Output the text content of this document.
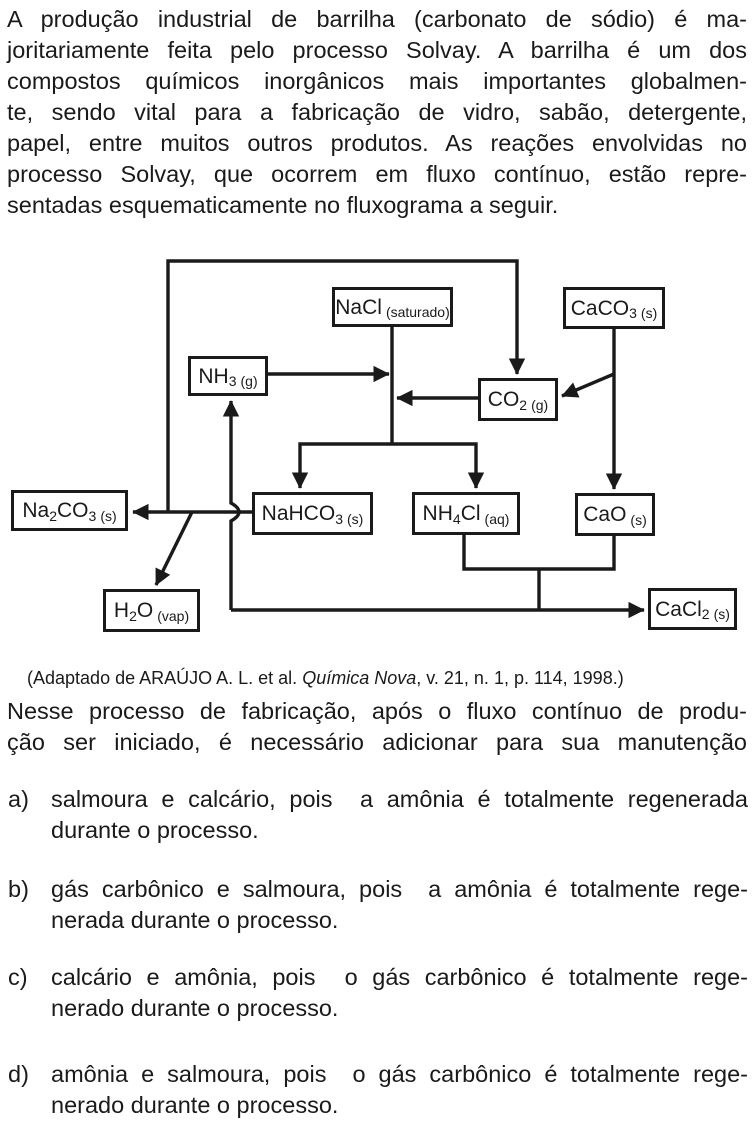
A produção industrial de barrilha (carbonato de sódio) é ma-
joritariamente feita pelo processo Solvay. A barrilha é um dos
compostos químicos inorgânicos mais importantes globalmen-
te, sendo vital para a fabricação de vidro, sabão, detergente,
papel, entre muitos outros produtos. As reações envolvidas no
processo Solvay, que ocorrem em fluxo contínuo, estão repre-
sentadas esquematicamente no fluxograma a seguir.
NaCl (saturado)	CaCO$_3$ (s)
$NH_3$ (g)
$CO_2$ (g)
$Na_2$ $CO_3$ (s)	NaHCO$_3$ (s)	$NH_4$ Cl (aq)	CaO (s)
$H_2$ O (vap)	CaCl$_2$ (s)

(Adaptado de ARAÚJO A. L. et al. Química Nova, v. 21, n. 1, p. 114, 1998.)

Nesse processo de fabricação, após o fluxo contínuo de produ-
ção ser iniciado, é necessário adicionar para sua manutenção
a) salmoura e calcário, pois  a amônia é totalmente regenerada
durante o processo.
b) gás carbônico e salmoura, pois  a amônia é totalmente rege-
nerada durante o processo.
c) calcário e amônia, pois  o gás carbônico é totalmente rege-
nerado durante o processo.
d) amônia e salmoura, pois  o gás carbônico é totalmente rege-
nerado durante o processo.
